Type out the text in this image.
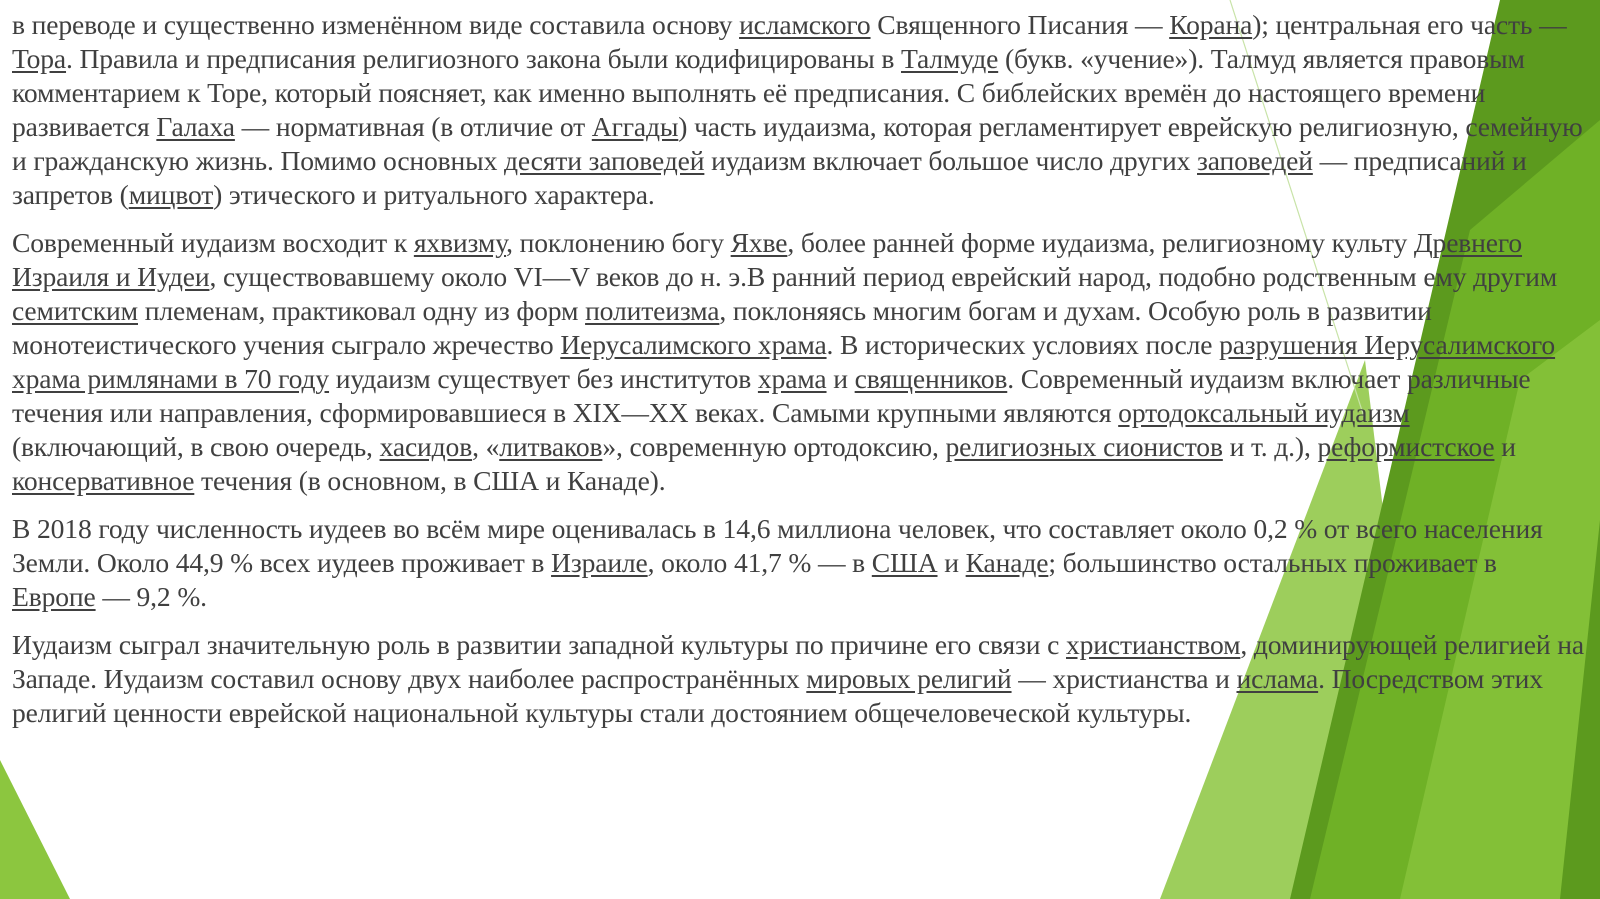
в переводе и существенно изменённом виде составила основу исламского Священного Писания — Корана); центральная его часть — Тора. Правила и предписания религиозного закона были кодифицированы в Талмуде (букв. «учение»). Талмуд является правовым комментарием к Торе, который поясняет, как именно выполнять её предписания. С библейских времён до настоящего времени развивается Галаха — нормативная (в отличие от Аггады) часть иудаизма, которая регламентирует еврейскую религиозную, семейную и гражданскую жизнь. Помимо основных десяти заповедей иудаизм включает большое число других заповедей — предписаний и запретов (мицвот) этического и ритуального характера.

Современный иудаизм восходит к яхвизму, поклонению богу Яхве, более ранней форме иудаизма, религиозному культу Древнего Израиля и Иудеи, существовавшему около VI—V веков до н. э.В ранний период еврейский народ, подобно родственным ему другим семитским племенам, практиковал одну из форм политеизма, поклоняясь многим богам и духам. Особую роль в развитии монотеистического учения сыграло жречество Иерусалимского храма. В исторических условиях после разрушения Иерусалимского храма римлянами в 70 году иудаизм существует без институтов храма и священников. Современный иудаизм включает различные течения или направления, сформировавшиеся в XIX—XX веках. Самыми крупными являются ортодоксальный иудаизм (включающий, в свою очередь, хасидов, «литваков», современную ортодоксию, религиозных сионистов и т. д.), реформистское и консервативное течения (в основном, в США и Канаде).

В 2018 году численность иудеев во всём мире оценивалась в 14,6 миллиона человек, что составляет около 0,2 % от всего населения Земли. Около 44,9 % всех иудеев проживает в Израиле, около 41,7 % — в США и Канаде; большинство остальных проживает в Европе — 9,2 %.

Иудаизм сыграл значительную роль в развитии западной культуры по причине его связи с христианством, доминирующей религией на Западе. Иудаизм составил основу двух наиболее распространённых мировых религий — христианства и ислама. Посредством этих религий ценности еврейской национальной культуры стали достоянием общечеловеческой культуры.
